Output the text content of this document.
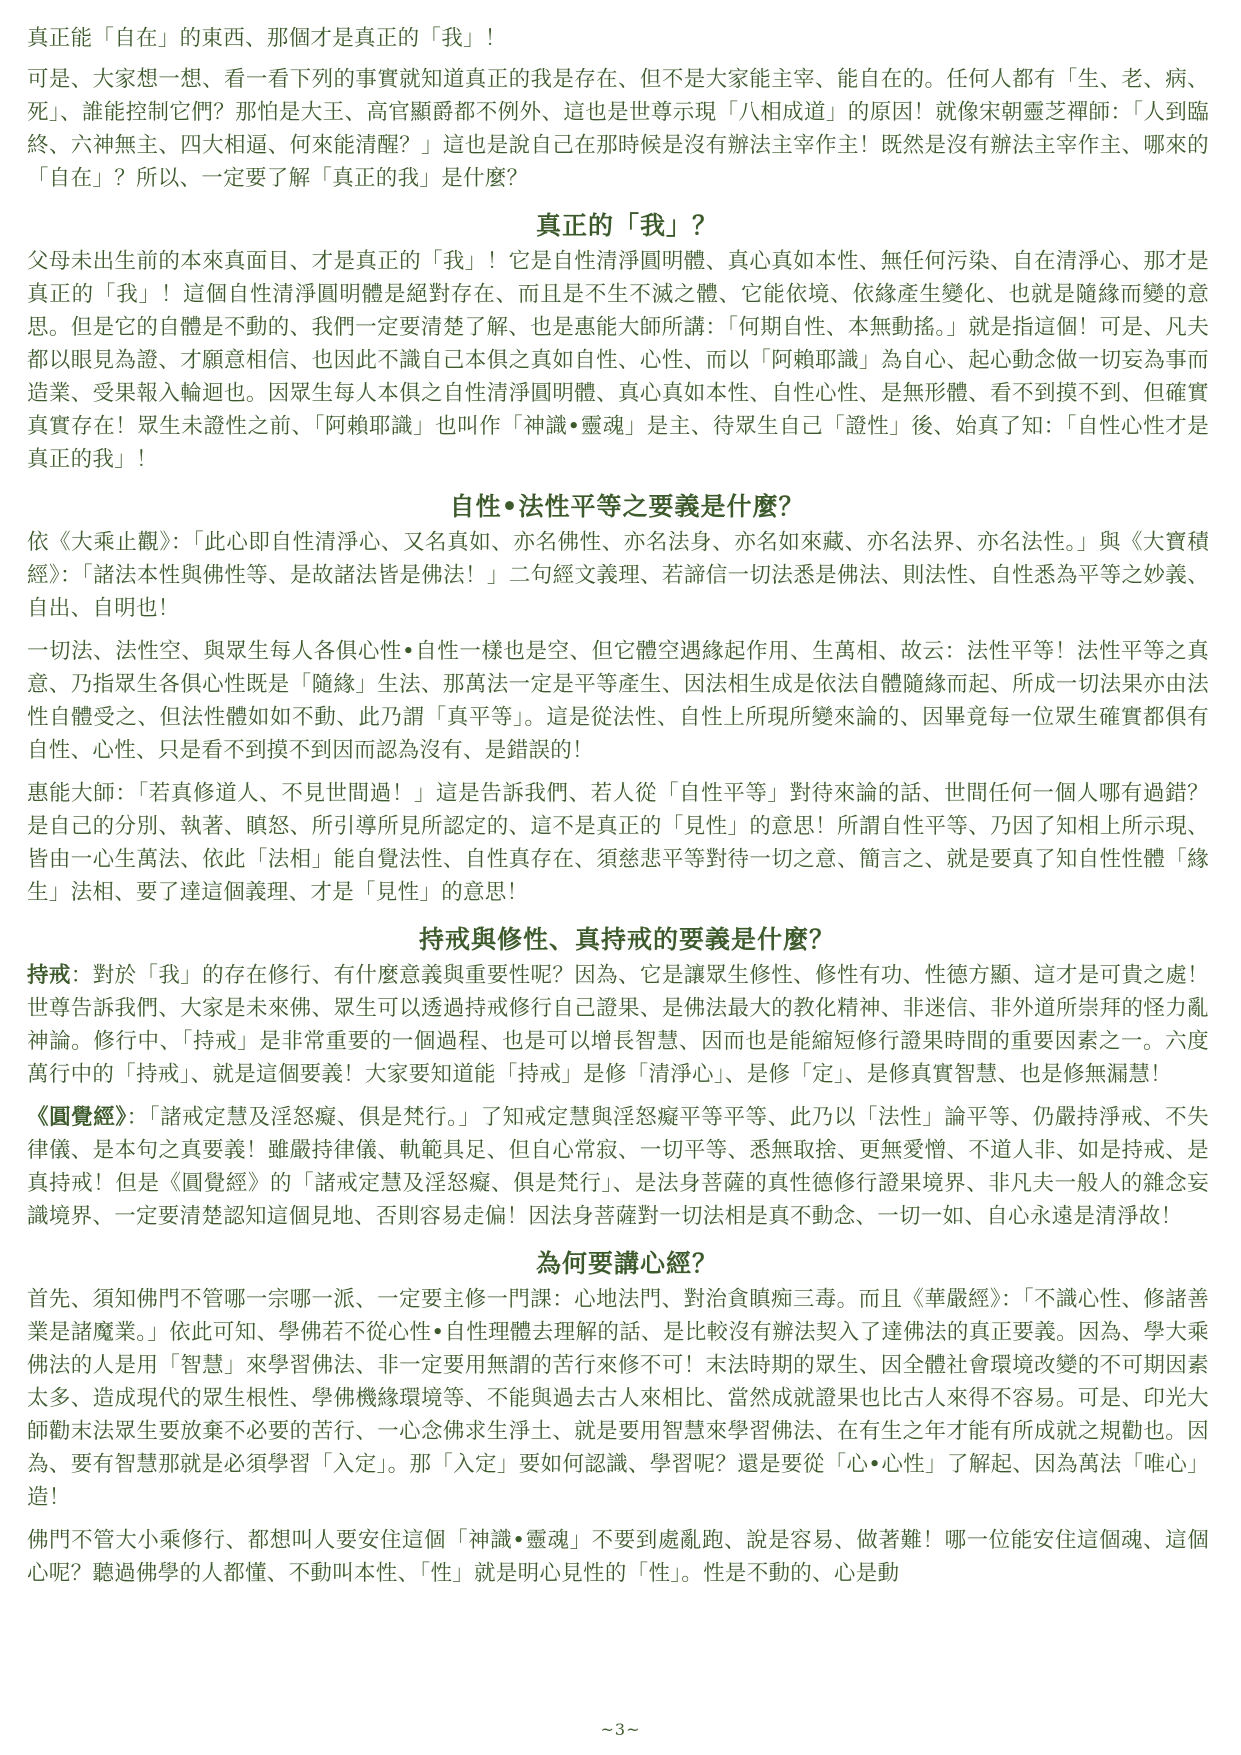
真正能「自在」的東西、那個才是真正的「我」！

可是、大家想一想、看一看下列的事實就知道真正的我是存在、但不是大家能主宰、能自在的。任何人都有「生、老、病、死」、誰能控制它們？那怕是大王、高官顯爵都不例外、這也是世尊示現「八相成道」的原因！就像宋朝靈芝禪師：「人到臨終、六神無主、四大相逼、何來能清醒？」這也是說自己在那時候是沒有辦法主宰作主！既然是沒有辦法主宰作主、哪來的「自在」？所以、一定要了解「真正的我」是什麼？

真正的「我」？

父母未出生前的本來真面目、才是真正的「我」！它是自性清淨圓明體、真心真如本性、無任何污染、自在清淨心、那才是真正的「我」！這個自性清淨圓明體是絕對存在、而且是不生不滅之體、它能依境、依緣產生變化、也就是隨緣而變的意思。但是它的自體是不動的、我們一定要清楚了解、也是惠能大師所講：「何期自性、本無動搖。」就是指這個！可是、凡夫都以眼見為證、才願意相信、也因此不識自己本俱之真如自性、心性、而以「阿賴耶識」為自心、起心動念做一切妄為事而造業、受果報入輪迴也。因眾生每人本俱之自性清淨圓明體、真心真如本性、自性心性、是無形體、看不到摸不到、但確實真實存在！眾生未證性之前、「阿賴耶識」也叫作「神識•靈魂」是主、待眾生自己「證性」後、始真了知：「自性心性才是真正的我」！

自性•法性平等之要義是什麼？

依《大乘止觀》：「此心即自性清淨心、又名真如、亦名佛性、亦名法身、亦名如來藏、亦名法界、亦名法性。」與《大寶積經》：「諸法本性與佛性等、是故諸法皆是佛法！」二句經文義理、若諦信一切法悉是佛法、則法性、自性悉為平等之妙義、自出、自明也！

一切法、法性空、與眾生每人各俱心性•自性一樣也是空、但它體空遇緣起作用、生萬相、故云：法性平等！法性平等之真意、乃指眾生各俱心性既是「隨緣」生法、那萬法一定是平等產生、因法相生成是依法自體隨緣而起、所成一切法果亦由法性自體受之、但法性體如如不動、此乃謂「真平等」。這是從法性、自性上所現所變來論的、因畢竟每一位眾生確實都俱有自性、心性、只是看不到摸不到因而認為沒有、是錯誤的！

惠能大師：「若真修道人、不見世間過！」這是告訴我們、若人從「自性平等」對待來論的話、世間任何一個人哪有過錯？是自己的分別、執著、瞋怒、所引導所見所認定的、這不是真正的「見性」的意思！所謂自性平等、乃因了知相上所示現、皆由一心生萬法、依此「法相」能自覺法性、自性真存在、須慈悲平等對待一切之意、簡言之、就是要真了知自性性體「緣生」法相、要了達這個義理、才是「見性」的意思！

持戒與修性、真持戒的要義是什麼？

持戒：對於「我」的存在修行、有什麼意義與重要性呢？因為、它是讓眾生修性、修性有功、性德方顯、這才是可貴之處！世尊告訴我們、大家是未來佛、眾生可以透過持戒修行自己證果、是佛法最大的教化精神、非迷信、非外道所崇拜的怪力亂神論。修行中、「持戒」是非常重要的一個過程、也是可以增長智慧、因而也是能縮短修行證果時間的重要因素之一。六度萬行中的「持戒」、就是這個要義！大家要知道能「持戒」是修「清淨心」、是修「定」、是修真實智慧、也是修無漏慧！

《圓覺經》：「諸戒定慧及淫怒癡、俱是梵行。」了知戒定慧與淫怒癡平等平等、此乃以「法性」論平等、仍嚴持淨戒、不失律儀、是本句之真要義！雖嚴持律儀、軌範具足、但自心常寂、一切平等、悉無取捨、更無愛憎、不道人非、如是持戒、是真持戒！但是《圓覺經》的「諸戒定慧及淫怒癡、俱是梵行」、是法身菩薩的真性德修行證果境界、非凡夫一般人的雜念妄識境界、一定要清楚認知這個見地、否則容易走偏！因法身菩薩對一切法相是真不動念、一切一如、自心永遠是清淨故！

為何要講心經？

首先、須知佛門不管哪一宗哪一派、一定要主修一門課：心地法門、對治貪瞋痴三毒。而且《華嚴經》：「不識心性、修諸善業是諸魔業。」依此可知、學佛若不從心性•自性理體去理解的話、是比較沒有辦法契入了達佛法的真正要義。因為、學大乘佛法的人是用「智慧」來學習佛法、非一定要用無謂的苦行來修不可！末法時期的眾生、因全體社會環境改變的不可期因素太多、造成現代的眾生根性、學佛機緣環境等、不能與過去古人來相比、當然成就證果也比古人來得不容易。可是、印光大師勸末法眾生要放棄不必要的苦行、一心念佛求生淨土、就是要用智慧來學習佛法、在有生之年才能有所成就之規勸也。因為、要有智慧那就是必須學習「入定」。那「入定」要如何認識、學習呢？還是要從「心•心性」了解起、因為萬法「唯心」造！

佛門不管大小乘修行、都想叫人要安住這個「神識•靈魂」不要到處亂跑、說是容易、做著難！哪一位能安住這個魂、這個心呢？聽過佛學的人都懂、不動叫本性、「性」就是明心見性的「性」。性是不動的、心是動

~3~
